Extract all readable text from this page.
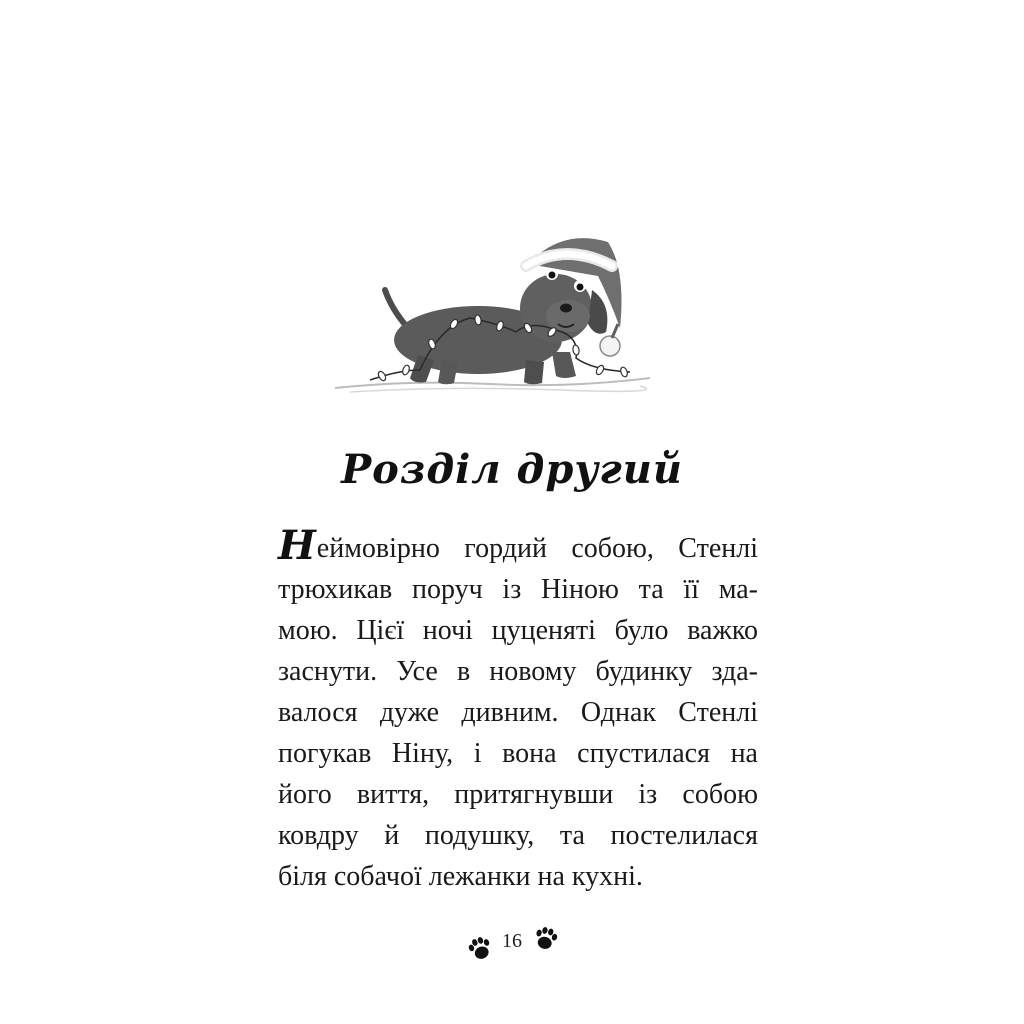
Розділ другий
Неймовірно гордий собою, Стенлі
трюхикав поруч із Ніною та її ма-
мою. Цієї ночі цуценяті було важко
заснути. Усе в новому будинку зда-
валося дуже дивним. Однак Стенлі
погукав Ніну, і вона спустилася на
його виття, притягнувши із собою
ковдру й подушку, та постелилася
біля собачої лежанки на кухні.
16
